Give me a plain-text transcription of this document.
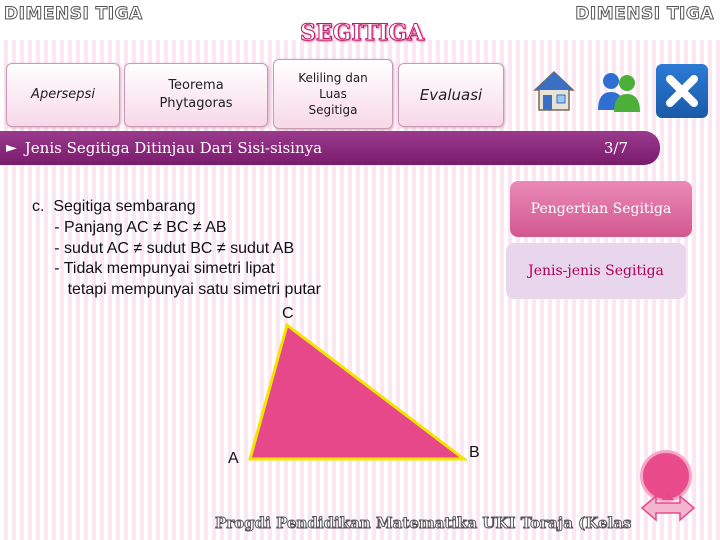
DIMENSI TIGA	DIMENSI TIGA
SEGITIGA
Apersepsi
Teorema
Phytagoras
Keliling dan
Luas
Segitiga
Evaluasi
► Jenis Segitiga Ditinjau Dari Sisi-sisinya	3/7
c.  Segitiga sembarang
- Panjang AC ≠ BC ≠ AB
- sudut AC ≠ sudut BC ≠ sudut AB
- Tidak mempunyai simetri lipat
tetapi mempunyai satu simetri putar
C
A	B
Pengertian Segitiga
Jenis-jenis Segitiga
Progdi Pendidikan Matematika UKI Toraja (Kelas
